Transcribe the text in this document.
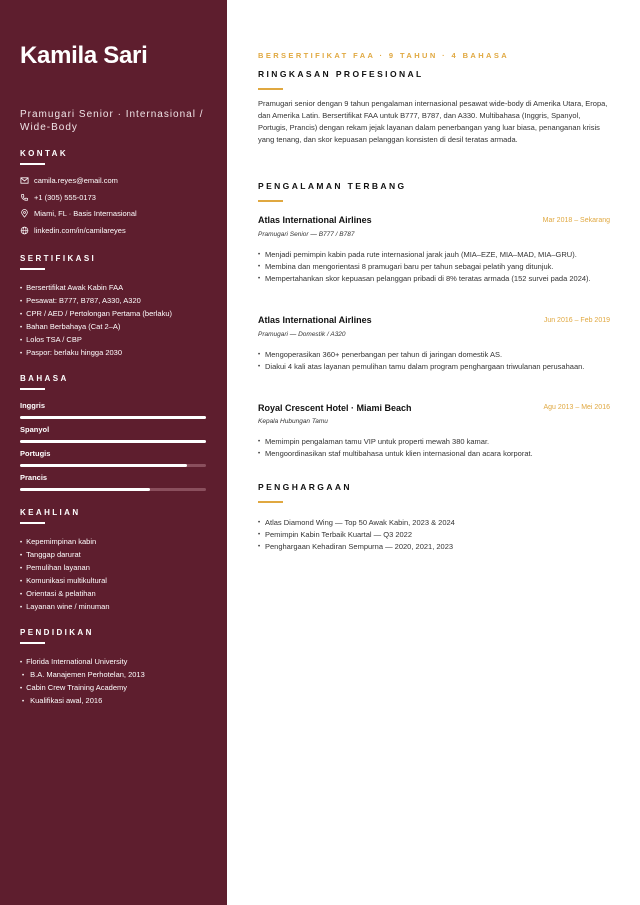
Kamila Sari
Pramugari Senior · Internasional / Wide-Body
KONTAK
camila.reyes@email.com
+1 (305) 555-0173
Miami, FL · Basis Internasional
linkedin.com/in/camilareyes
SERTIFIKASI
• Bersertifikat Awak Kabin FAA
• Pesawat: B777, B787, A330, A320
• CPR / AED / Pertolongan Pertama (berlaku)
• Bahan Berbahaya (Cat 2–A)
• Lolos TSA / CBP
• Paspor: berlaku hingga 2030
BAHASA
Inggris
Spanyol
Portugis
Prancis
KEAHLIAN
• Kepemimpinan kabin
• Tanggap darurat
• Pemulihan layanan
• Komunikasi multikultural
• Orientasi & pelatihan
• Layanan wine / minuman
PENDIDIKAN
• Florida International University
• B.A. Manajemen Perhotelan, 2013
• Cabin Crew Training Academy
• Kualifikasi awal, 2016
BERSERTIFIKAT FAA · 9 TAHUN · 4 BAHASA
RINGKASAN PROFESIONAL
Pramugari senior dengan 9 tahun pengalaman internasional pesawat wide-body di Amerika Utara, Eropa, dan Amerika Latin. Bersertifikat FAA untuk B777, B787, dan A330. Multibahasa (Inggris, Spanyol, Portugis, Prancis) dengan rekam jejak layanan dalam penerbangan yang luar biasa, penanganan krisis yang tenang, dan skor kepuasan pelanggan konsisten di desil teratas armada.
PENGALAMAN TERBANG
Atlas International Airlines	Mar 2018 – Sekarang
Pramugari Senior — B777 / B787
• Menjadi pemimpin kabin pada rute internasional jarak jauh (MIA–EZE, MIA–MAD, MIA–GRU).
• Membina dan mengorientasi 8 pramugari baru per tahun sebagai pelatih yang ditunjuk.
• Mempertahankan skor kepuasan pelanggan pribadi di 8% teratas armada (152 survei pada 2024).
Atlas International Airlines	Jun 2016 – Feb 2019
Pramugari — Domestik / A320
• Mengoperasikan 360+ penerbangan per tahun di jaringan domestik AS.
• Diakui 4 kali atas layanan pemulihan tamu dalam program penghargaan triwulanan perusahaan.
Royal Crescent Hotel · Miami Beach	Agu 2013 – Mei 2016
Kepala Hubungan Tamu
• Memimpin pengalaman tamu VIP untuk properti mewah 380 kamar.
• Mengoordinasikan staf multibahasa untuk klien internasional dan acara korporat.
PENGHARGAAN
• Atlas Diamond Wing — Top 50 Awak Kabin, 2023 & 2024
• Pemimpin Kabin Terbaik Kuartal — Q3 2022
• Penghargaan Kehadiran Sempurna — 2020, 2021, 2023
